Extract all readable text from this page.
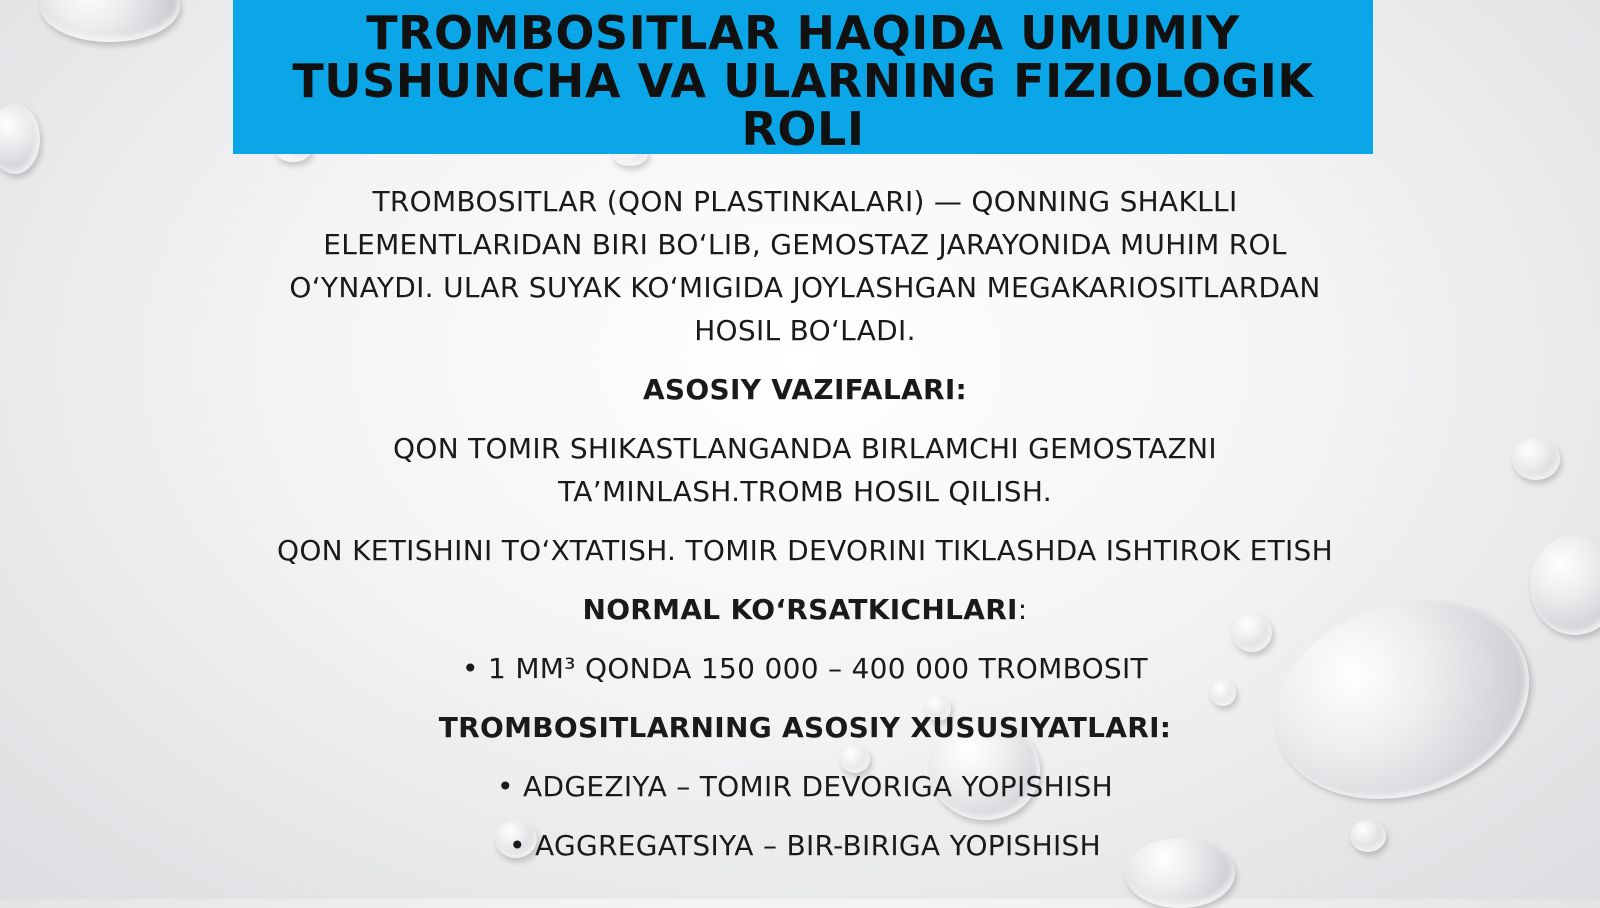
TROMBOSITLAR HAQIDA UMUMIY
TUSHUNCHA VA ULARNING FIZIOLOGIK ROLI

TROMBOSITLAR (QON PLASTINKALARI) — QONNING SHAKLLI ELEMENTLARIDAN BIRI BO‘LIB, GEMOSTAZ JARAYONIDA MUHIM ROL O‘YNAYDI. ULAR SUYAK KO‘MIGIDA JOYLASHGAN MEGAKARIOSITLARDAN HOSIL BO‘LADI.

ASOSIY VAZIFALARI:

QON TOMIR SHIKASTLANGANDA BIRLAMCHI GEMOSTAZNI TA’MINLASH.TROMB HOSIL QILISH.

QON KETISHINI TO‘XTATISH. TOMIR DEVORINI TIKLASHDA ISHTIROK ETISH

NORMAL KO‘RSATKICHLARI:

• 1 MM³ QONDA 150 000 – 400 000 TROMBOSIT

TROMBOSITLARNING ASOSIY XUSUSIYATLARI:

• ADGEZIYA – TOMIR DEVORIGA YOPISHISH

• AGGREGATSIYA – BIR-BIRIGA YOPISHISH
